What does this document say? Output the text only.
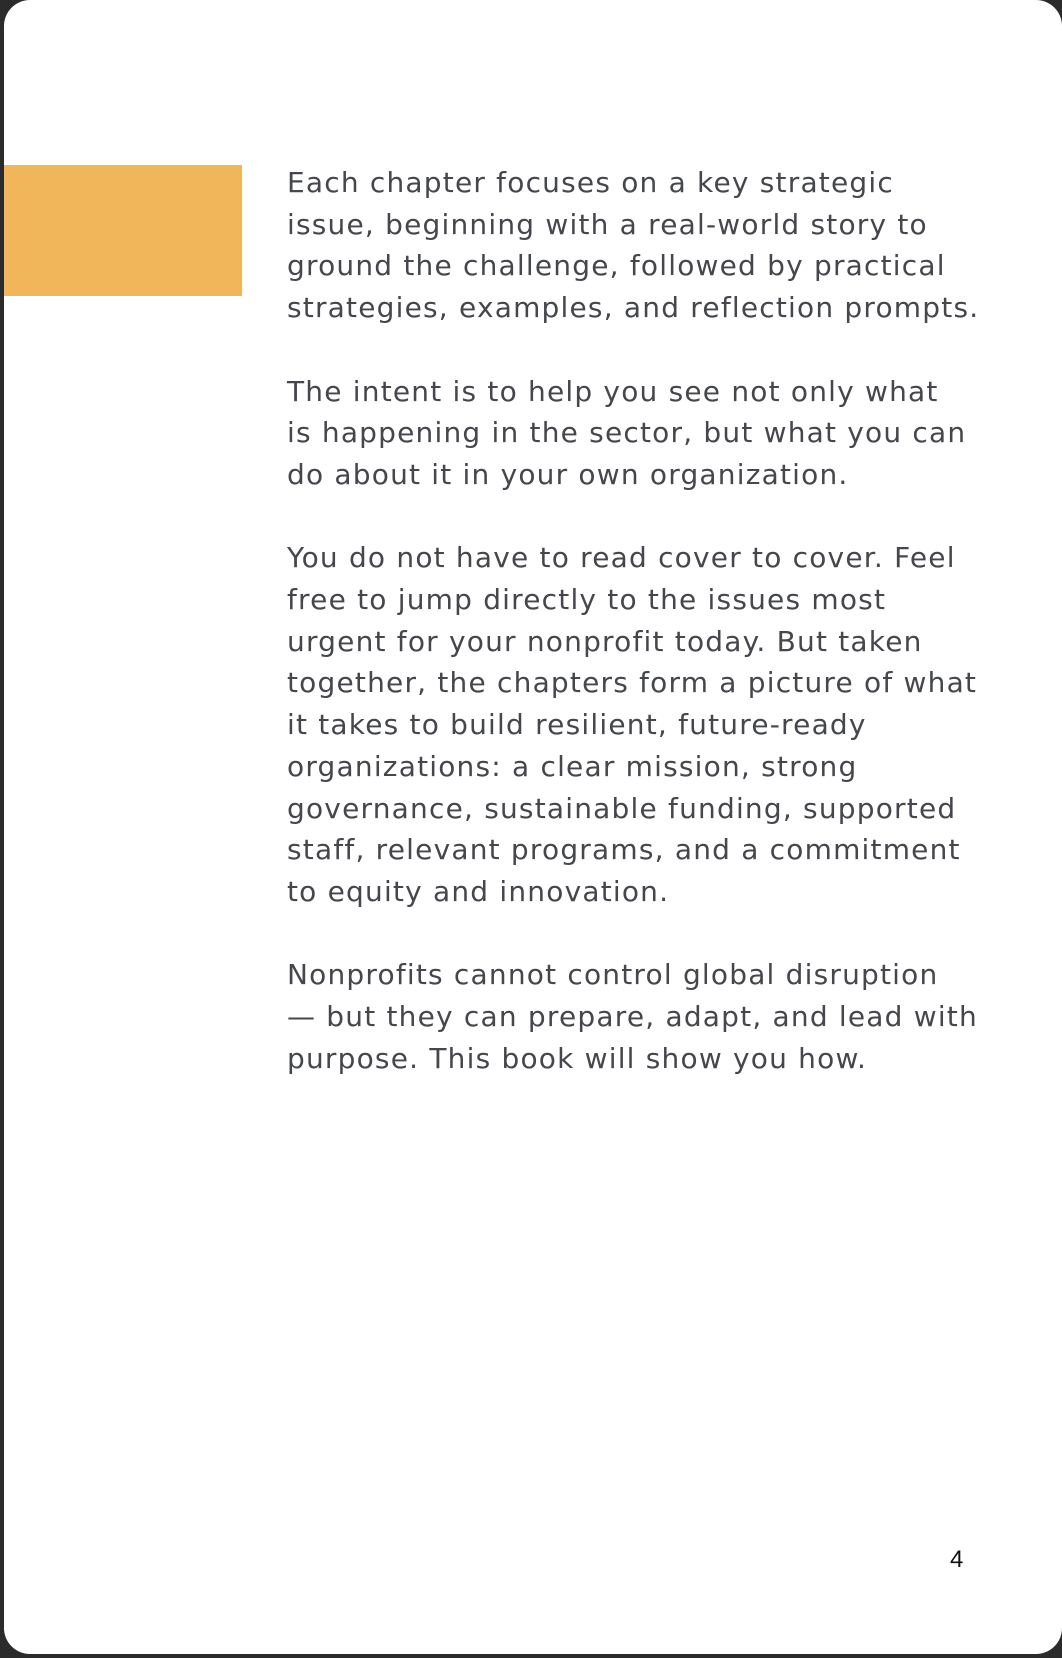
Each chapter focuses on a key strategic
issue, beginning with a real-world story to
ground the challenge, followed by practical
strategies, examples, and reflection prompts.

The intent is to help you see not only what
is happening in the sector, but what you can
do about it in your own organization.

You do not have to read cover to cover. Feel
free to jump directly to the issues most
urgent for your nonprofit today. But taken
together, the chapters form a picture of what
it takes to build resilient, future-ready
organizations: a clear mission, strong
governance, sustainable funding, supported
staff, relevant programs, and a commitment
to equity and innovation.

Nonprofits cannot control global disruption
— but they can prepare, adapt, and lead with
purpose. This book will show you how.

4
